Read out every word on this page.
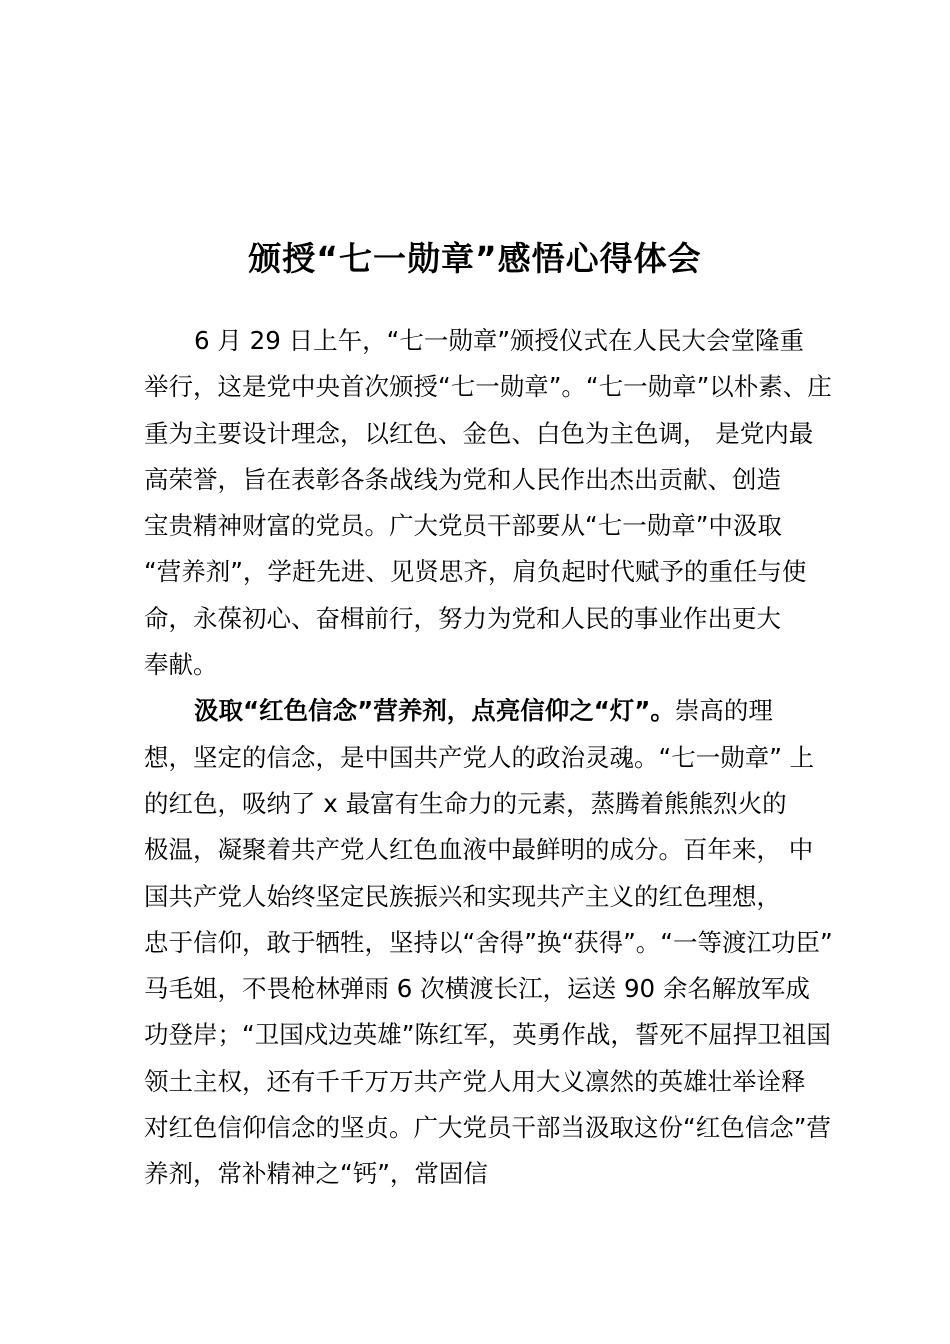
颁授“七一勋章”感悟心得体会
6 月 29 日上午，“七一勋章”颁授仪式在人民大会堂隆重
举行，这是党中央首次颁授“七一勋章”。“七一勋章”以朴素、庄
重为主要设计理念，以红色、金色、白色为主色调， 是党内最
高荣誉，旨在表彰各条战线为党和人民作出杰出贡献、创造
宝贵精神财富的党员。广大党员干部要从“七一勋章”中汲取
“营养剂”，学赶先进、见贤思齐，肩负起时代赋予的重任与使
命，永葆初心、奋楫前行，努力为党和人民的事业作出更大
奉献。
汲取“红色信念”营养剂，点亮信仰之“灯”。崇高的理
想，坚定的信念，是中国共产党人的政治灵魂。“七一勋章” 上
的红色，吸纳了 x 最富有生命力的元素，蒸腾着熊熊烈火的
极温，凝聚着共产党人红色血液中最鲜明的成分。百年来， 中
国共产党人始终坚定民族振兴和实现共产主义的红色理想，
忠于信仰，敢于牺牲，坚持以“舍得”换“获得”。“一等渡江功臣”
马毛姐，不畏枪林弹雨 6 次横渡长江，运送 90 余名解放军成
功登岸；“卫国戍边英雄”陈红军，英勇作战，誓死不屈捍卫祖国
领土主权，还有千千万万共产党人用大义凛然的英雄壮举诠释
对红色信仰信念的坚贞。广大党员干部当汲取这份“红色信念”营
养剂，常补精神之“钙”，常固信
